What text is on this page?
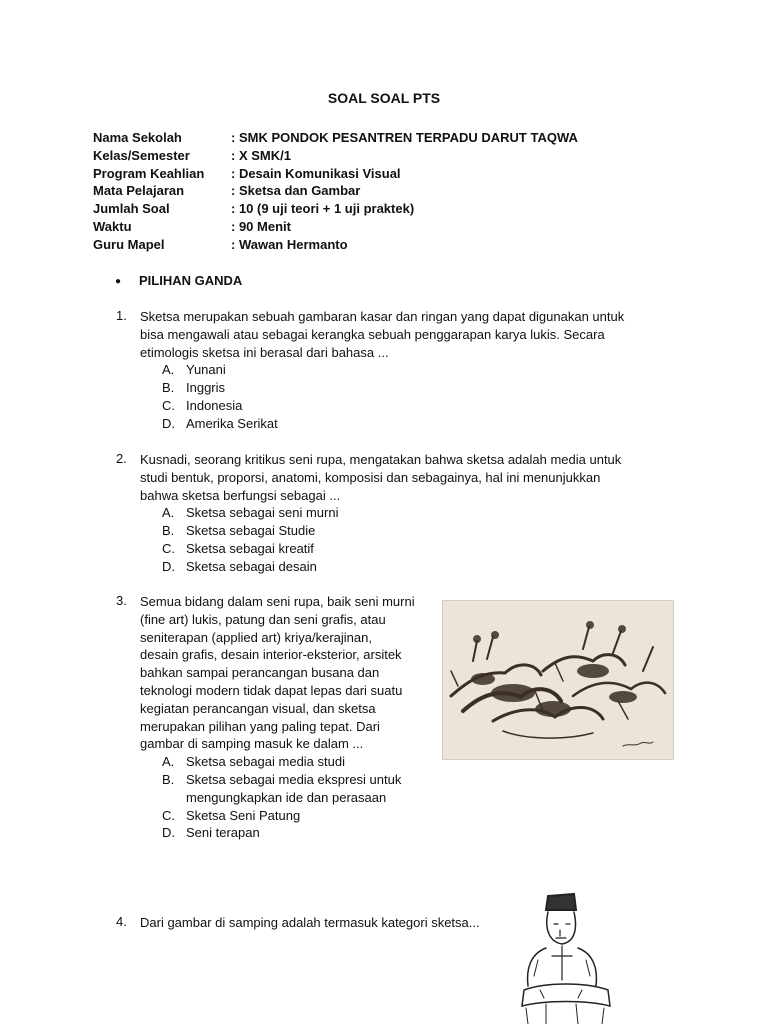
SOAL SOAL PTS
Nama Sekolah	: SMK PONDOK PESANTREN TERPADU DARUT TAQWA
Kelas/Semester	: X SMK/1
Program Keahlian : Desain Komunikasi Visual
Mata Pelajaran	: Sketsa dan Gambar
Jumlah Soal	: 10 (9 uji teori + 1 uji praktek)
Waktu	: 90 Menit
Guru Mapel	: Wawan Hermanto
● PILIHAN GANDA
1.	Sketsa merupakan sebuah gambaran kasar dan ringan yang dapat digunakan untuk
bisa mengawali atau sebagai kerangka sebuah penggarapan karya lukis. Secara
etimologis sketsa ini berasal dari bahasa ...
A. Yunani
B. Inggris
C. Indonesia
D. Amerika Serikat
2.	Kusnadi, seorang kritikus seni rupa, mengatakan bahwa sketsa adalah media untuk
studi bentuk, proporsi, anatomi, komposisi dan sebagainya, hal ini menunjukkan
bahwa sketsa berfungsi sebagai ...
A. Sketsa sebagai seni murni
B. Sketsa sebagai Studie
C. Sketsa sebagai kreatif
D. Sketsa sebagai desain
3.	Semua bidang dalam seni rupa, baik seni murni
(fine art) lukis, patung dan seni grafis, atau
seniterapan (applied art) kriya/kerajinan,
desain grafis, desain interior-eksterior, arsitek
bahkan sampai perancangan busana dan
teknologi modern tidak dapat lepas dari suatu
kegiatan perancangan visual, dan sketsa
merupakan pilihan yang paling tepat. Dari
gambar di samping masuk ke dalam ...
A. Sketsa sebagai media studi
B. Sketsa sebagai media ekspresi untuk
mengungkapkan ide dan perasaan
C. Sketsa Seni Patung
D. Seni terapan
4.	Dari gambar di samping adalah termasuk kategori sketsa...
